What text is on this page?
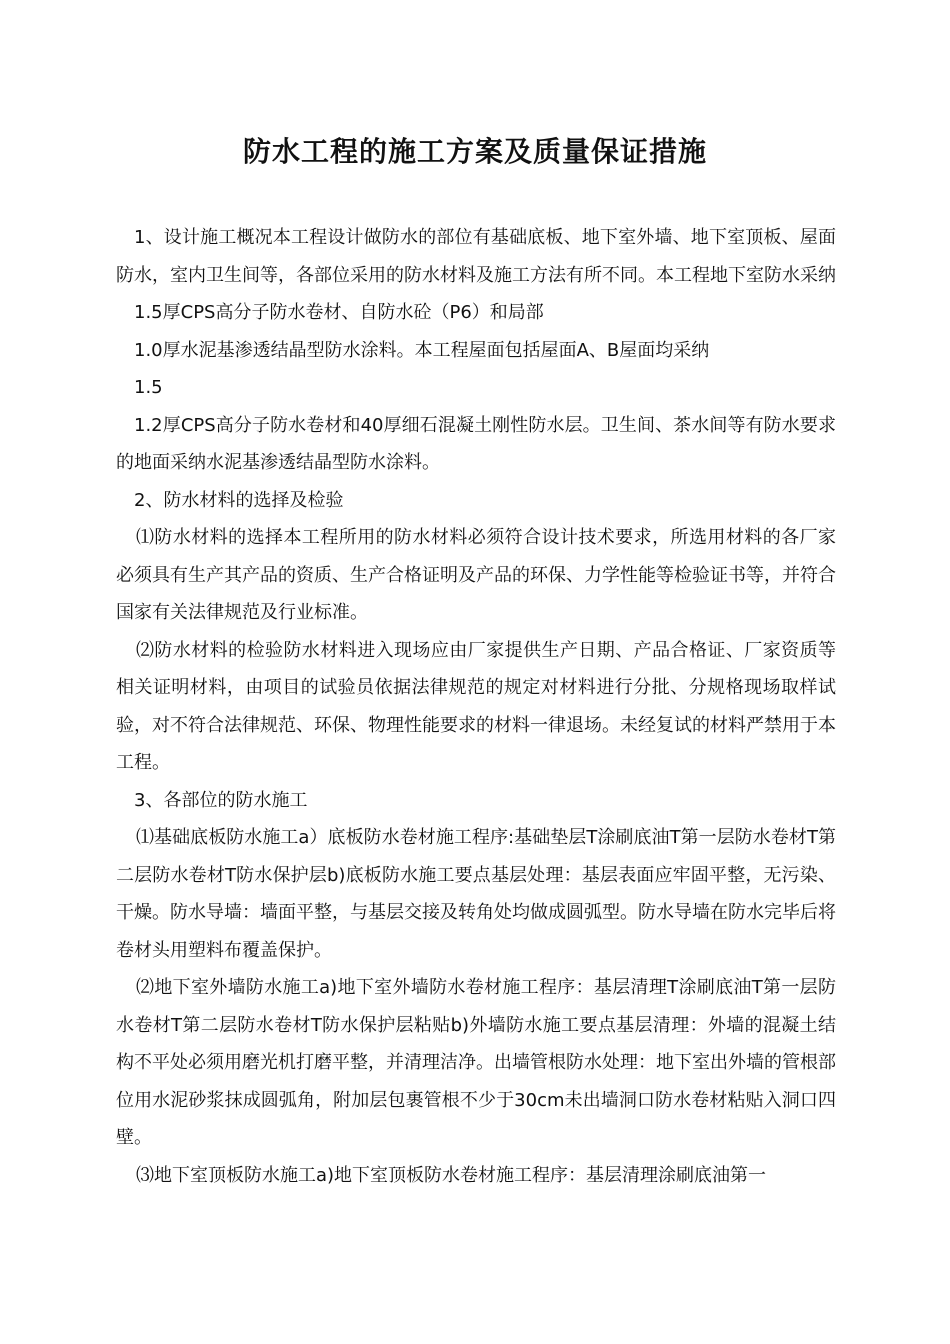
防水工程的施工方案及质量保证措施

1、设计施工概况本工程设计做防水的部位有基础底板、地下室外墙、地下室顶板、屋面防水，室内卫生间等，各部位采用的防水材料及施工方法有所不同。本工程地下室防水采纳

1.5厚CPS高分子防水卷材、自防水砼（P6）和局部

1.0厚水泥基渗透结晶型防水涂料。本工程屋面包括屋面A、B屋面均采纳

1.5

1.2厚CPS高分子防水卷材和40厚细石混凝土刚性防水层。卫生间、茶水间等有防水要求的地面采纳水泥基渗透结晶型防水涂料。

2、防水材料的选择及检验

⑴防水材料的选择本工程所用的防水材料必须符合设计技术要求，所选用材料的各厂家必须具有生产其产品的资质、生产合格证明及产品的环保、力学性能等检验证书等，并符合国家有关法律规范及行业标准。

⑵防水材料的检验防水材料进入现场应由厂家提供生产日期、产品合格证、厂家资质等相关证明材料，由项目的试验员依据法律规范的规定对材料进行分批、分规格现场取样试验，对不符合法律规范、环保、物理性能要求的材料一律退场。未经复试的材料严禁用于本工程。

3、各部位的防水施工

⑴基础底板防水施工a）底板防水卷材施工程序:基础垫层T涂刷底油T第一层防水卷材T第二层防水卷材T防水保护层b)底板防水施工要点基层处理：基层表面应牢固平整，无污染、干燥。防水导墙：墙面平整，与基层交接及转角处均做成圆弧型。防水导墙在防水完毕后将卷材头用塑料布覆盖保护。

⑵地下室外墙防水施工a)地下室外墙防水卷材施工程序：基层清理T涂刷底油T第一层防水卷材T第二层防水卷材T防水保护层粘贴b)外墙防水施工要点基层清理：外墙的混凝土结构不平处必须用磨光机打磨平整，并清理洁净。出墙管根防水处理：地下室出外墙的管根部位用水泥砂浆抹成圆弧角，附加层包裹管根不少于30cm未出墙洞口防水卷材粘贴入洞口四壁。

⑶地下室顶板防水施工a)地下室顶板防水卷材施工程序：基层清理涂刷底油第一
